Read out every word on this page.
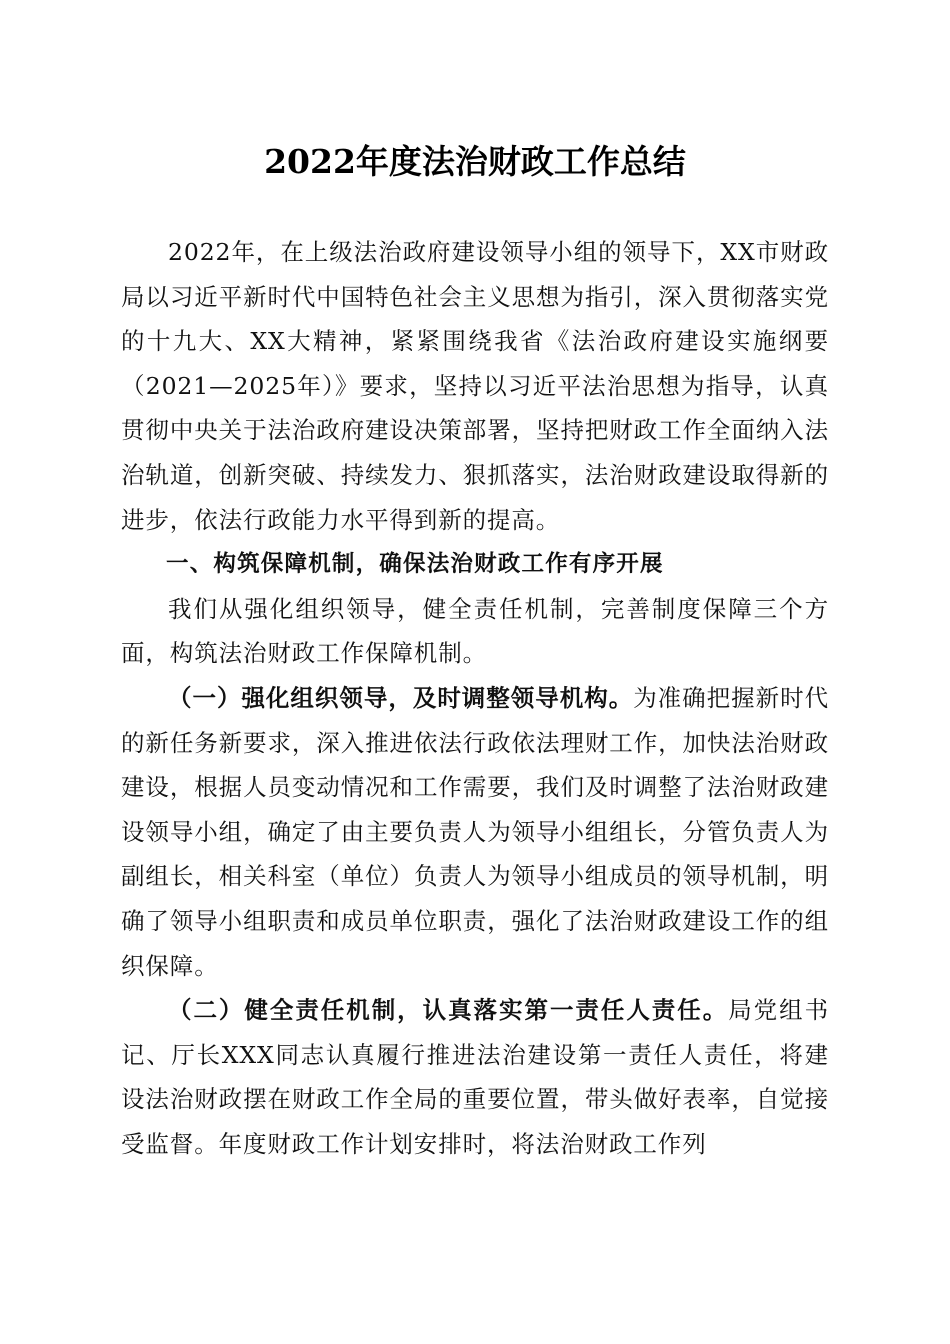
2022年度法治财政工作总结

2022年，在上级法治政府建设领导小组的领导下，XX市财政局以习近平新时代中国特色社会主义思想为指引，深入贯彻落实党的十九大、XX大精神，紧紧围绕我省《法治政府建设实施纲要（2021—2025年）》要求，坚持以习近平法治思想为指导，认真贯彻中央关于法治政府建设决策部署，坚持把财政工作全面纳入法治轨道，创新突破、持续发力、狠抓落实，法治财政建设取得新的进步，依法行政能力水平得到新的提高。

一、构筑保障机制，确保法治财政工作有序开展

我们从强化组织领导，健全责任机制，完善制度保障三个方面，构筑法治财政工作保障机制。

（一）强化组织领导，及时调整领导机构。为准确把握新时代的新任务新要求，深入推进依法行政依法理财工作，加快法治财政建设，根据人员变动情况和工作需要，我们及时调整了法治财政建设领导小组，确定了由主要负责人为领导小组组长，分管负责人为副组长，相关科室（单位）负责人为领导小组成员的领导机制，明确了领导小组职责和成员单位职责，强化了法治财政建设工作的组织保障。

（二）健全责任机制，认真落实第一责任人责任。局党组书记、厅长XXX同志认真履行推进法治建设第一责任人责任，将建设法治财政摆在财政工作全局的重要位置，带头做好表率，自觉接受监督。年度财政工作计划安排时，将法治财政工作列
